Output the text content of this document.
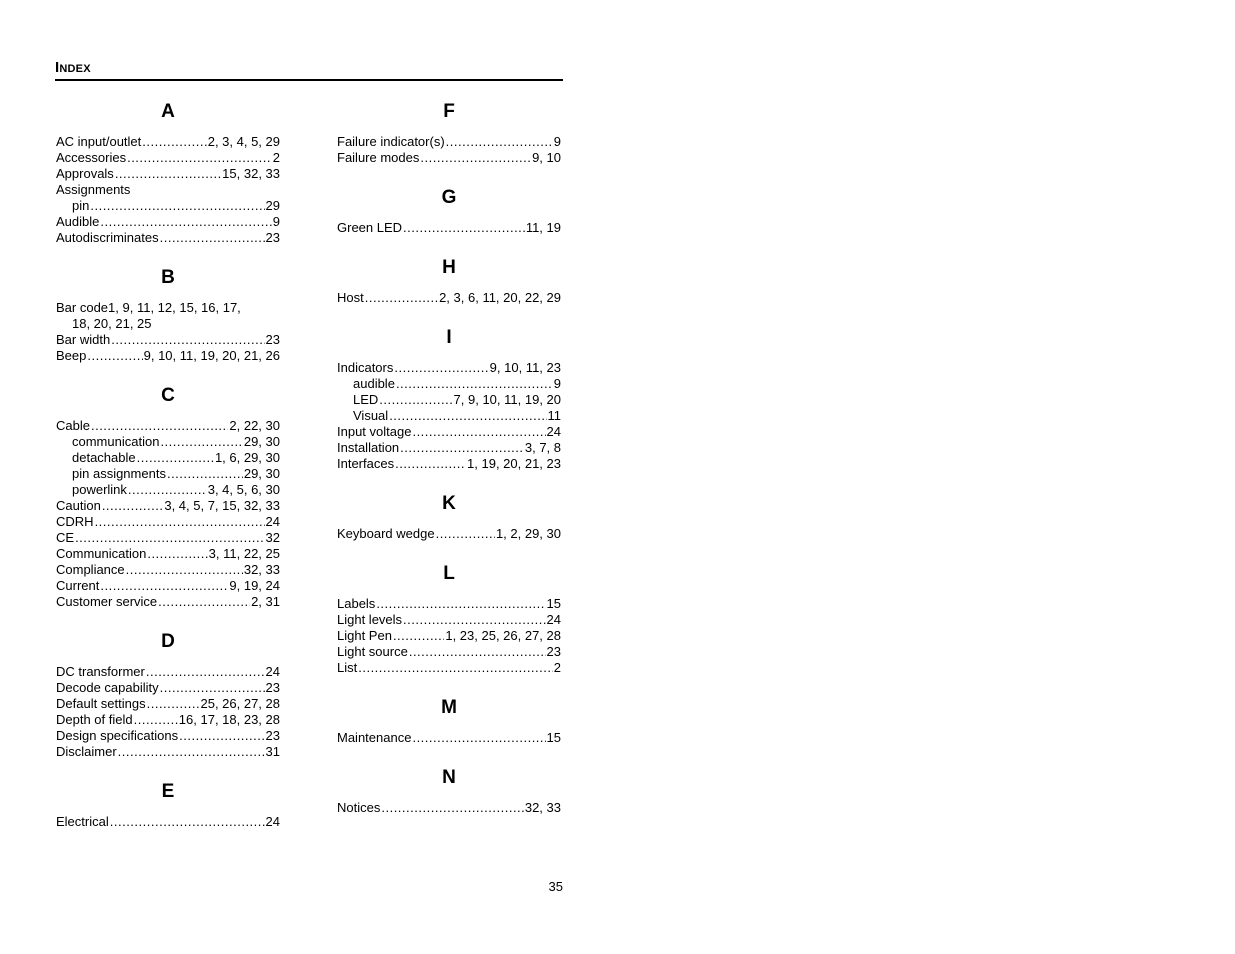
Index
A
AC input/outlet .....	2, 3, 4, 5, 29
Accessories .....	2
Approvals .....	15, 32, 33
Assignments
pin .....	29
Audible .....	9
Autodiscriminates .....	23
B
Bar code1, 9, 11, 12, 15, 16, 17,
18, 20, 21, 25
Bar width .....	23
Beep .....	9, 10, 11, 19, 20, 21, 26
C
Cable .....	2, 22, 30
communication .....	29, 30
detachable .....	1, 6, 29, 30
pin assignments .....	29, 30
powerlink .....	3, 4, 5, 6, 30
Caution .....	3, 4, 5, 7, 15, 32, 33
CDRH .....	24
CE .....	32
Communication .....	3, 11, 22, 25
Compliance .....	32, 33
Current .....	9, 19, 24
Customer service .....	2, 31
D
DC transformer .....	24
Decode capability .....	23
Default settings .....	25, 26, 27, 28
Depth of field .....	16, 17, 18, 23, 28
Design specifications .....	23
Disclaimer .....	31
E
Electrical .....	24
F
Failure indicator(s) .....	9
Failure modes .....	9, 10
G
Green LED .....	11, 19
H
Host .....	2, 3, 6, 11, 20, 22, 29
I
Indicators .....	9, 10, 11, 23
audible .....	9
LED .....	7, 9, 10, 11, 19, 20
Visual .....	11
Input voltage .....	24
Installation .....	3, 7, 8
Interfaces .....	1, 19, 20, 21, 23
K
Keyboard wedge .....	1, 2, 29, 30
L
Labels .....	15
Light levels .....	24
Light Pen .....	1, 23, 25, 26, 27, 28
Light source .....	23
List .....	2
M
Maintenance .....	15
N
Notices .....	32, 33
35
